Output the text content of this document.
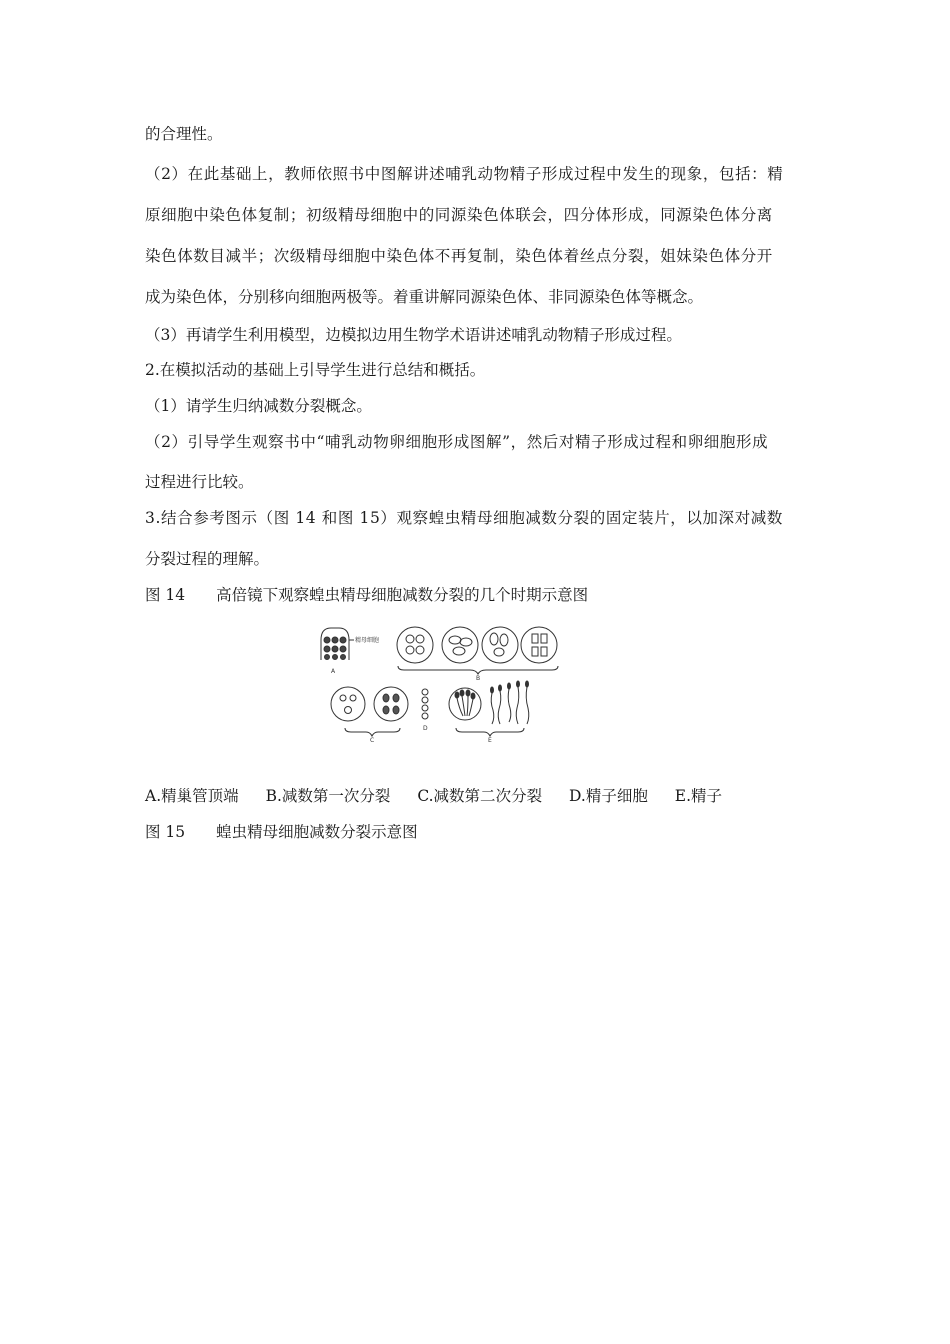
的合理性。
（2）在此基础上，教师依照书中图解讲述哺乳动物精子形成过程中发生的现象，包括：精
原细胞中染色体复制；初级精母细胞中的同源染色体联会，四分体形成，同源染色体分离
染色体数目减半；次级精母细胞中染色体不再复制，染色体着丝点分裂，姐妹染色体分开
成为染色体，分别移向细胞两极等。着重讲解同源染色体、非同源染色体等概念。
（3）再请学生利用模型，边模拟边用生物学术语讲述哺乳动物精子形成过程。
2.在模拟活动的基础上引导学生进行总结和概括。
（1）请学生归纳减数分裂概念。
（2）引导学生观察书中“哺乳动物卵细胞形成图解”，然后对精子形成过程和卵细胞形成
过程进行比较。
3.结合参考图示（图 14 和图 15）观察蝗虫精母细胞减数分裂的固定装片，以加深对减数
分裂过程的理解。
图 14　　高倍镜下观察蝗虫精母细胞减数分裂的几个时期示意图
精母细胞
A
B
C
D
E
A.精巢管顶端 B.减数第一次分裂 C.减数第二次分裂 D.精子细胞 E.精子
图 15　　蝗虫精母细胞减数分裂示意图
